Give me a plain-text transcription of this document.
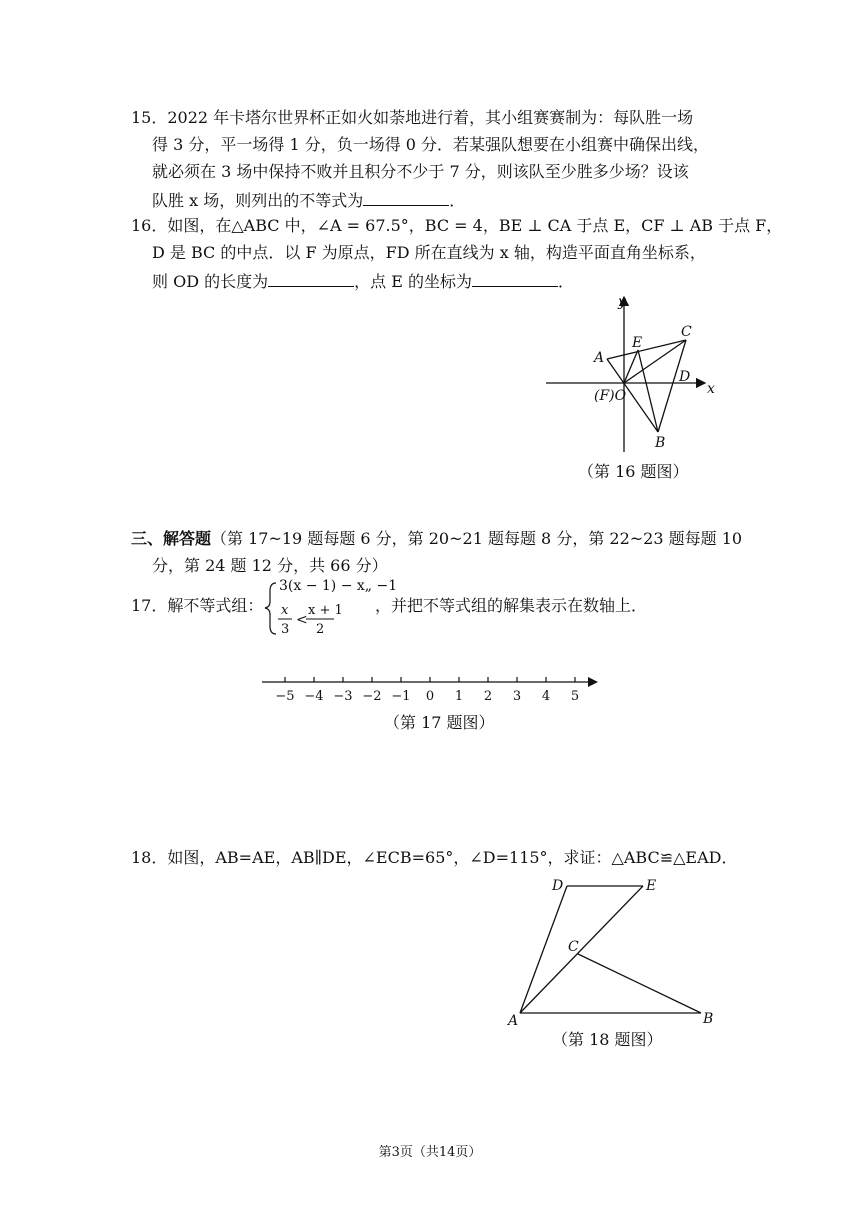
15．2022 年卡塔尔世界杯正如火如荼地进行着，其小组赛赛制为：每队胜一场
得 3 分，平一场得 1 分，负一场得 0 分．若某强队想要在小组赛中确保出线，
就必须在 3 场中保持不败并且积分不少于 7 分，则该队至少胜多少场？设该
队胜 x 场，则列出的不等式为	．
16．如图，在△ABC 中，∠A = 67.5°，BC = 4，BE ⊥ CA 于点 E，CF ⊥ AB 于点 F，
D 是 BC 的中点．以 F 为原点，FD 所在直线为 x 轴，构造平面直角坐标系，
则 OD 的长度为	，点 E 的坐标为	．
y
x
A
E
C
D
(F)O
B
（第 16 题图）
三、解答题（第 17~19 题每题 6 分，第 20~21 题每题 8 分，第 22~23 题每题 10
分，第 24 题 12 分，共 66 分）
17．解不等式组：
3(x − 1) − x„ −1
x
3
<
x + 1
2
，并把不等式组的解集表示在数轴上．
−5 −4 −3 −2 −1 0 1 2 3 4 5
（第 17 题图）
18．如图，AB=AE，AB∥DE，∠ECB=65°，∠D=115°，求证：△ABC≌△EAD．
D	E
C
A	B
（第 18 题图）
第3页（共14页）
